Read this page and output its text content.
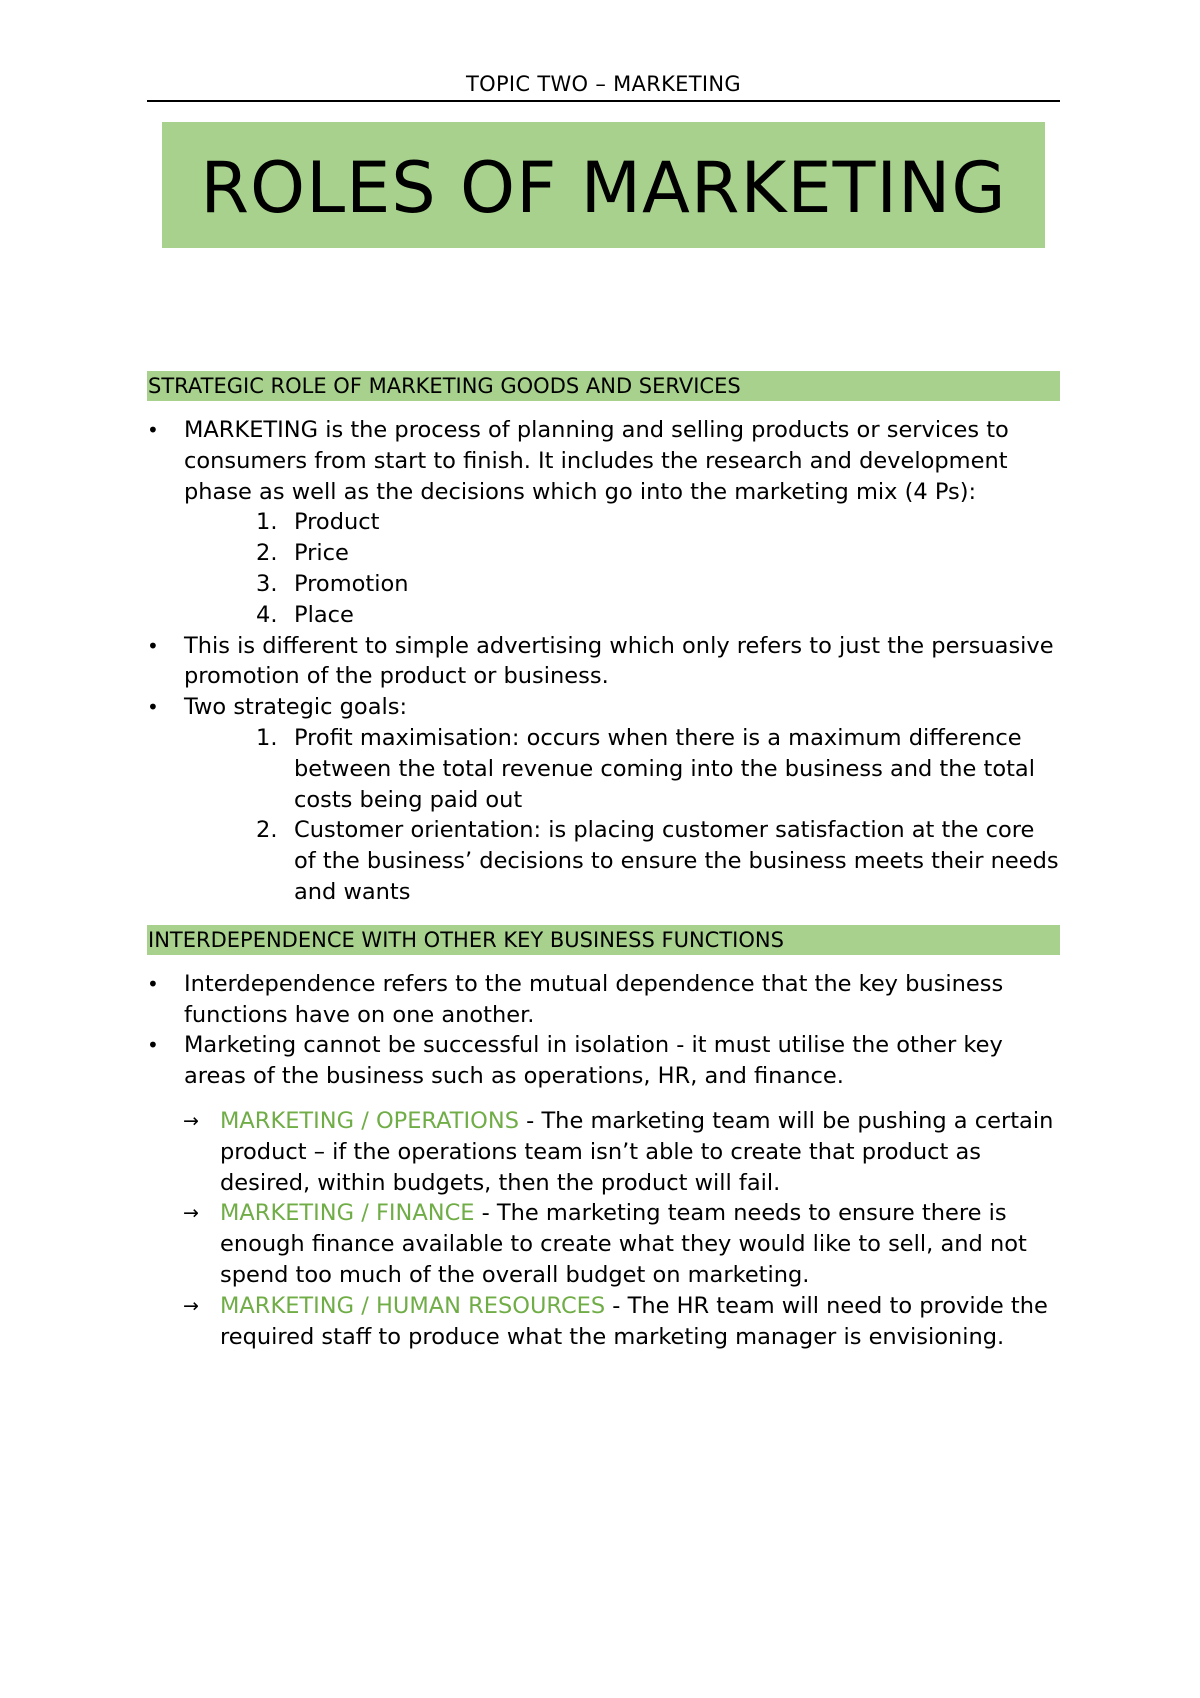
TOPIC TWO – MARKETING
ROLES OF MARKETING
STRATEGIC ROLE OF MARKETING GOODS AND SERVICES
• MARKETING is the process of planning and selling products or services to consumers from start to finish. It includes the research and development phase as well as the decisions which go into the marketing mix (4 Ps):
1. Product
2. Price
3. Promotion
4. Place
• This is different to simple advertising which only refers to just the persuasive promotion of the product or business.
• Two strategic goals:
1. Profit maximisation: occurs when there is a maximum difference between the total revenue coming into the business and the total costs being paid out
2. Customer orientation: is placing customer satisfaction at the core of the business’ decisions to ensure the business meets their needs and wants
INTERDEPENDENCE WITH OTHER KEY BUSINESS FUNCTIONS
• Interdependence refers to the mutual dependence that the key business functions have on one another.
• Marketing cannot be successful in isolation - it must utilise the other key areas of the business such as operations, HR, and finance.
→ MARKETING / OPERATIONS - The marketing team will be pushing a certain product – if the operations team isn’t able to create that product as desired, within budgets, then the product will fail.
→ MARKETING / FINANCE - The marketing team needs to ensure there is enough finance available to create what they would like to sell, and not spend too much of the overall budget on marketing.
→ MARKETING / HUMAN RESOURCES - The HR team will need to provide the required staff to produce what the marketing manager is envisioning.
